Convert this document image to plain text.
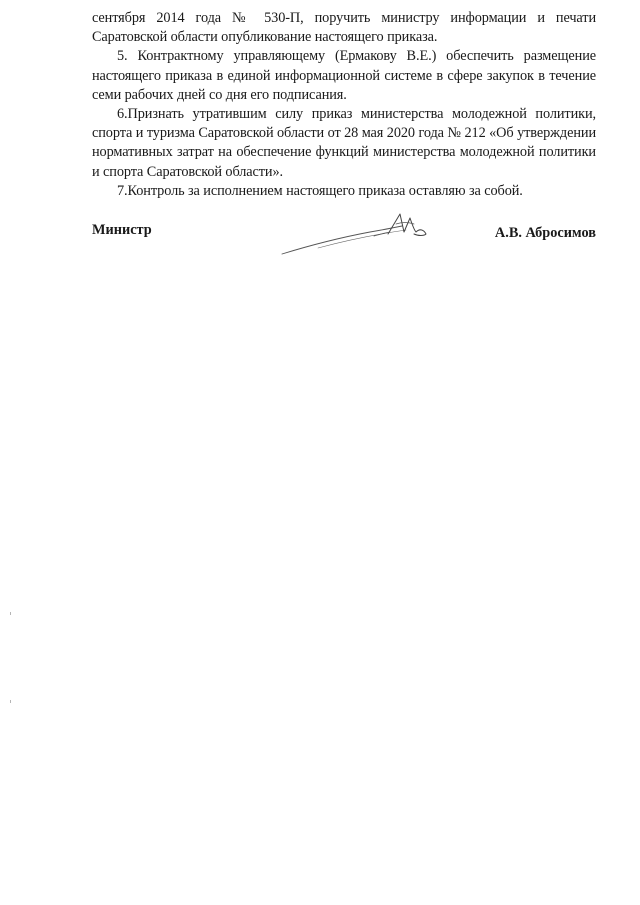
сентября 2014 года № 530-П, поручить министру информации и печати Саратовской области опубликование настоящего приказа.

5. Контрактному управляющему (Ермакову В.Е.) обеспечить размещение настоящего приказа в единой информационной системе в сфере закупок в течение семи рабочих дней со дня его подписания.

6.Признать утратившим силу приказ министерства молодежной политики, спорта и туризма Саратовской области от 28 мая 2020 года № 212 «Об утверждении нормативных затрат на обеспечение функций министерства молодежной политики и спорта Саратовской области».

7.Контроль за исполнением настоящего приказа оставляю за собой.

Министр	А.В. Абросимов
